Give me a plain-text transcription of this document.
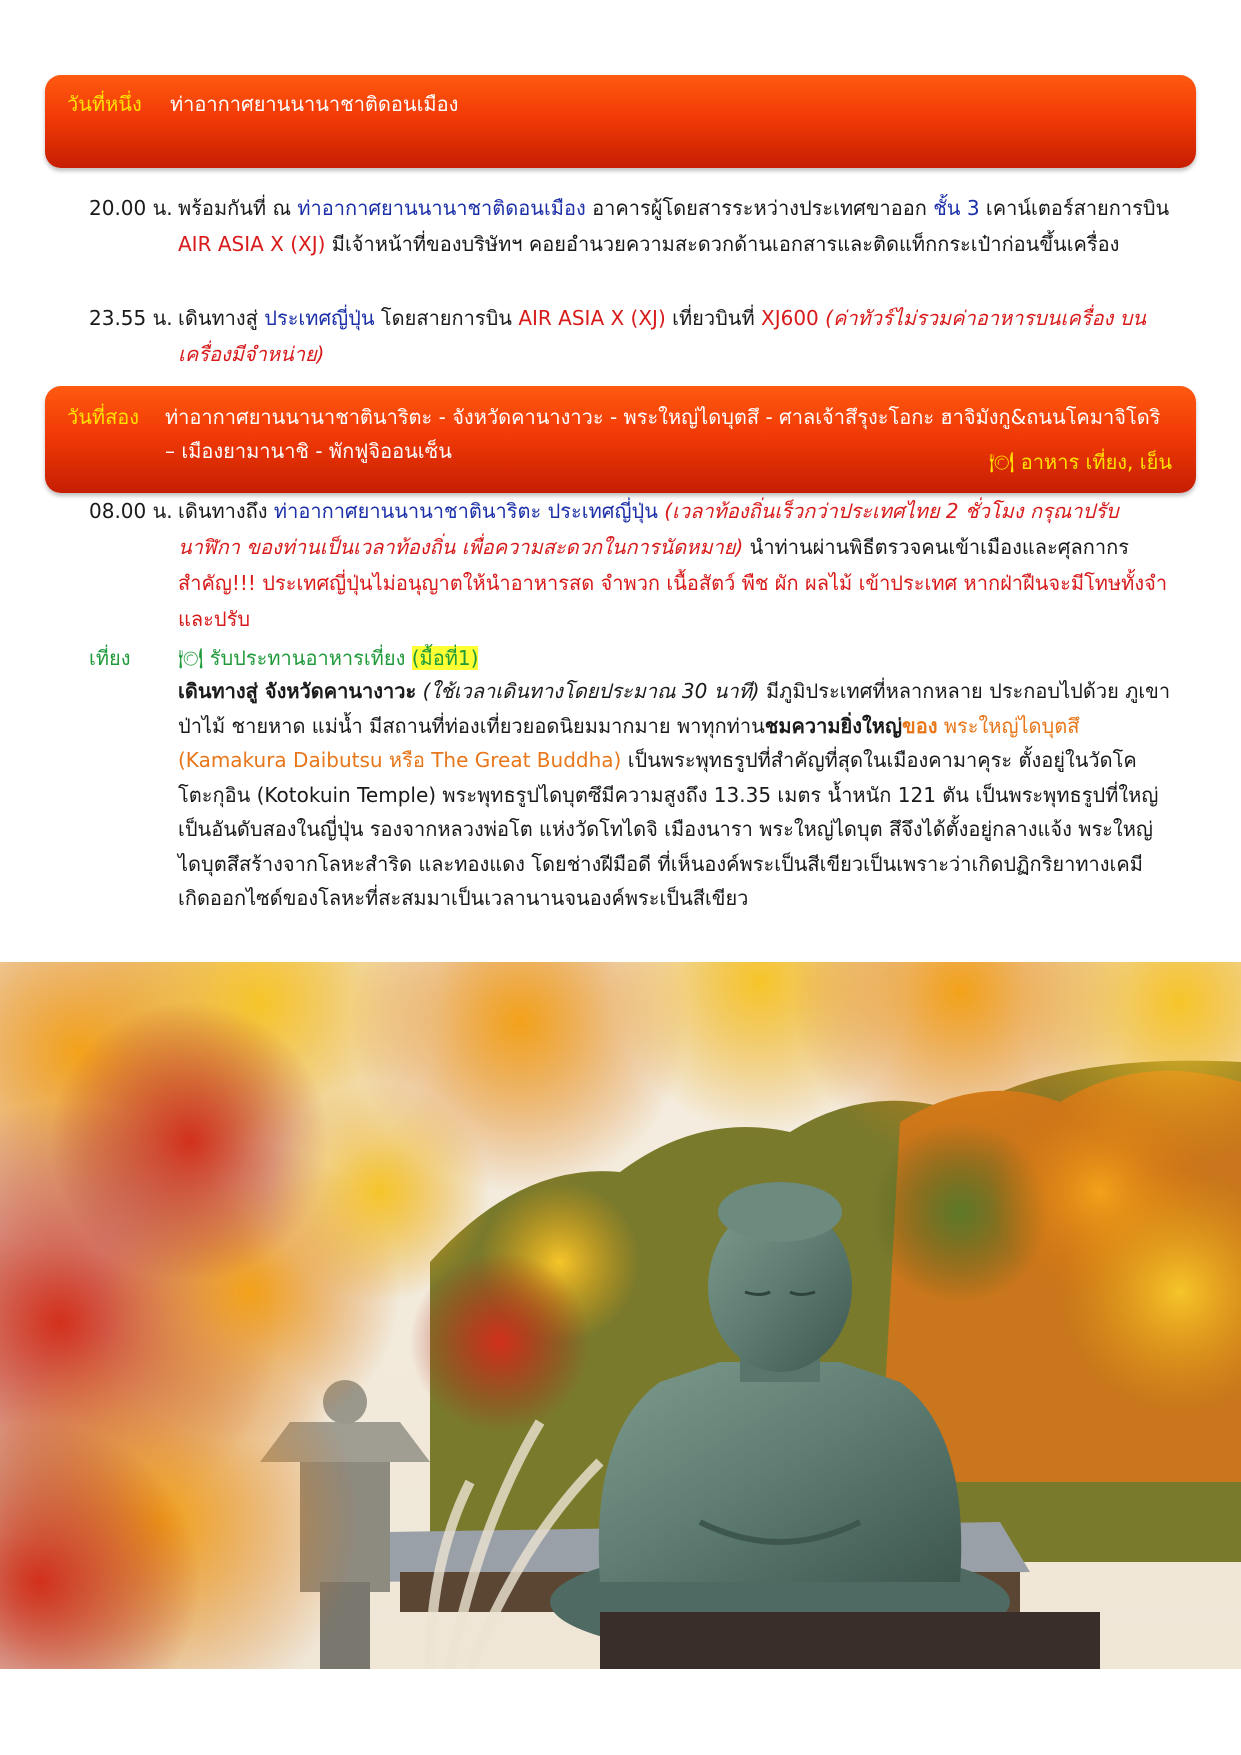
วันที่หนึ่ง ท่าอากาศยานนานาชาติดอนเมือง
20.00 น. พร้อมกันที่ ณ ท่าอากาศยานนานาชาติดอนเมือง อาคารผู้โดยสารระหว่างประเทศขาออก ชั้น 3 เคาน์เตอร์สายการบิน AIR ASIA X (XJ) มีเจ้าหน้าที่ของบริษัทฯ คอยอำนวยความสะดวกด้านเอกสารและติดแท็กกระเป๋าก่อนขึ้นเครื่อง
23.55 น. เดินทางสู่ ประเทศญี่ปุ่น โดยสายการบิน AIR ASIA X (XJ) เที่ยวบินที่ XJ600 (ค่าทัวร์ไม่รวมค่าอาหารบนเครื่อง บนเครื่องมีจำหน่าย)
วันที่สอง ท่าอากาศยานนานาชาตินาริตะ - จังหวัดคานางาวะ - พระใหญ่ไดบุตสึ - ศาลเจ้าสึรุงะโอกะ ฮาจิมังกู&ถนนโคมาจิโดริ – เมืองยามานาชิ - พักฟูจิออนเซ็น	🍽 อาหาร เที่ยง, เย็น
08.00 น. เดินทางถึง ท่าอากาศยานนานาชาตินาริตะ ประเทศญี่ปุ่น (เวลาท้องถิ่นเร็วกว่าประเทศไทย 2 ชั่วโมง กรุณาปรับนาฬิกา ของท่านเป็นเวลาท้องถิ่น เพื่อความสะดวกในการนัดหมาย) นำท่านผ่านพิธีตรวจคนเข้าเมืองและศุลกากร สำคัญ!!! ประเทศญี่ปุ่นไม่อนุญาตให้นำอาหารสด จำพวก เนื้อสัตว์ พืช ผัก ผลไม้ เข้าประเทศ หากฝ่าฝืนจะมีโทษทั้งจำและปรับ
เที่ยง	🍽 รับประทานอาหารเที่ยง (มื้อที่1)
เดินทางสู่ จังหวัดคานางาวะ (ใช้เวลาเดินทางโดยประมาณ 30 นาที) มีภูมิประเทศที่หลากหลาย ประกอบไปด้วย ภูเขา ป่าไม้ ชายหาด แม่น้ำ มีสถานที่ท่องเที่ยวยอดนิยมมากมาย พาทุกท่านชมความยิ่งใหญ่ของ พระใหญ่ไดบุตสึ (Kamakura Daibutsu หรือ The Great Buddha) เป็นพระพุทธรูปที่สำคัญที่สุดในเมืองคามาคุระ ตั้งอยู่ในวัดโคโตะกุอิน (Kotokuin Temple) พระพุทธรูปไดบุตซึมีความสูงถึง 13.35 เมตร น้ำหนัก 121 ตัน เป็นพระพุทธรูปที่ใหญ่เป็นอันดับสองในญี่ปุ่น รองจากหลวงพ่อโต แห่งวัดโทไดจิ เมืองนารา พระใหญ่ไดบุต สึจึงได้ตั้งอยู่กลางแจ้ง พระใหญ่ไดบุตสึสร้างจากโลหะสำริด และทองแดง โดยช่างฝีมือดี ที่เห็นองค์พระเป็นสีเขียวเป็นเพราะว่าเกิดปฏิกริยาทางเคมี เกิดออกไซด์ของโลหะที่สะสมมาเป็นเวลานานจนองค์พระเป็นสีเขียว
